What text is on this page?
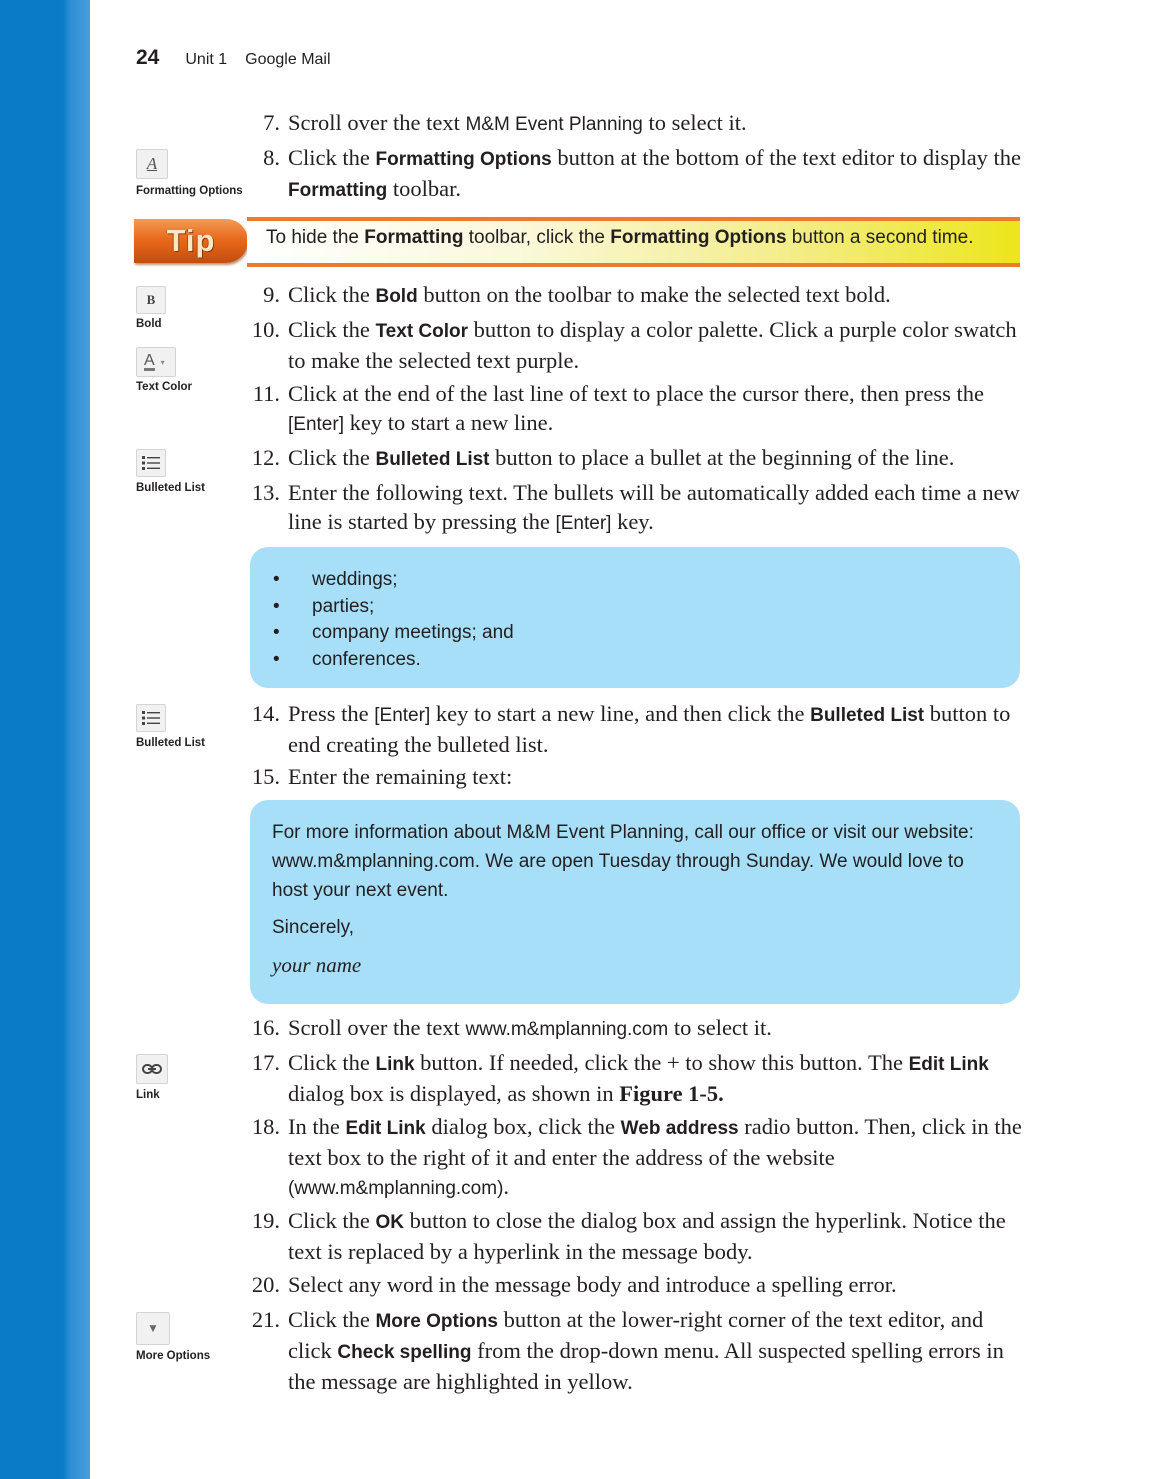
24 Unit 1 Google Mail
A
Formatting Options
B
Bold
A ▾
Text Color
Bulleted List
Bulleted List
Link
▼
More Options
7. Scroll over the text M&M Event Planning to select it.
8. Click the Formatting Options button at the bottom of the text editor to display the Formatting toolbar.
Tip	To hide the Formatting toolbar, click the Formatting Options button a second time.
9. Click the Bold button on the toolbar to make the selected text bold.
10. Click the Text Color button to display a color palette. Click a purple color swatch to make the selected text purple.
11. Click at the end of the last line of text to place the cursor there, then press the [Enter] key to start a new line.
12. Click the Bulleted List button to place a bullet at the beginning of the line.
13. Enter the following text. The bullets will be automatically added each time a new line is started by pressing the [Enter] key.
• weddings;
• parties;
• company meetings; and
• conferences.
14. Press the [Enter] key to start a new line, and then click the Bulleted List button to end creating the bulleted list.
15. Enter the remaining text:
For more information about M&M Event Planning, call our office or visit our website: www.m&mplanning.com. We are open Tuesday through Sunday. We would love to host your next event.
Sincerely,
your name
16. Scroll over the text www.m&mplanning.com to select it.
17. Click the Link button. If needed, click the + to show this button. The Edit Link dialog box is displayed, as shown in Figure 1-5.
18. In the Edit Link dialog box, click the Web address radio button. Then, click in the text box to the right of it and enter the address of the website (www.m&mplanning.com).
19. Click the OK button to close the dialog box and assign the hyperlink. Notice the text is replaced by a hyperlink in the message body.
20. Select any word in the message body and introduce a spelling error.
21. Click the More Options button at the lower-right corner of the text editor, and click Check spelling from the drop-down menu. All suspected spelling errors in the message are highlighted in yellow.
